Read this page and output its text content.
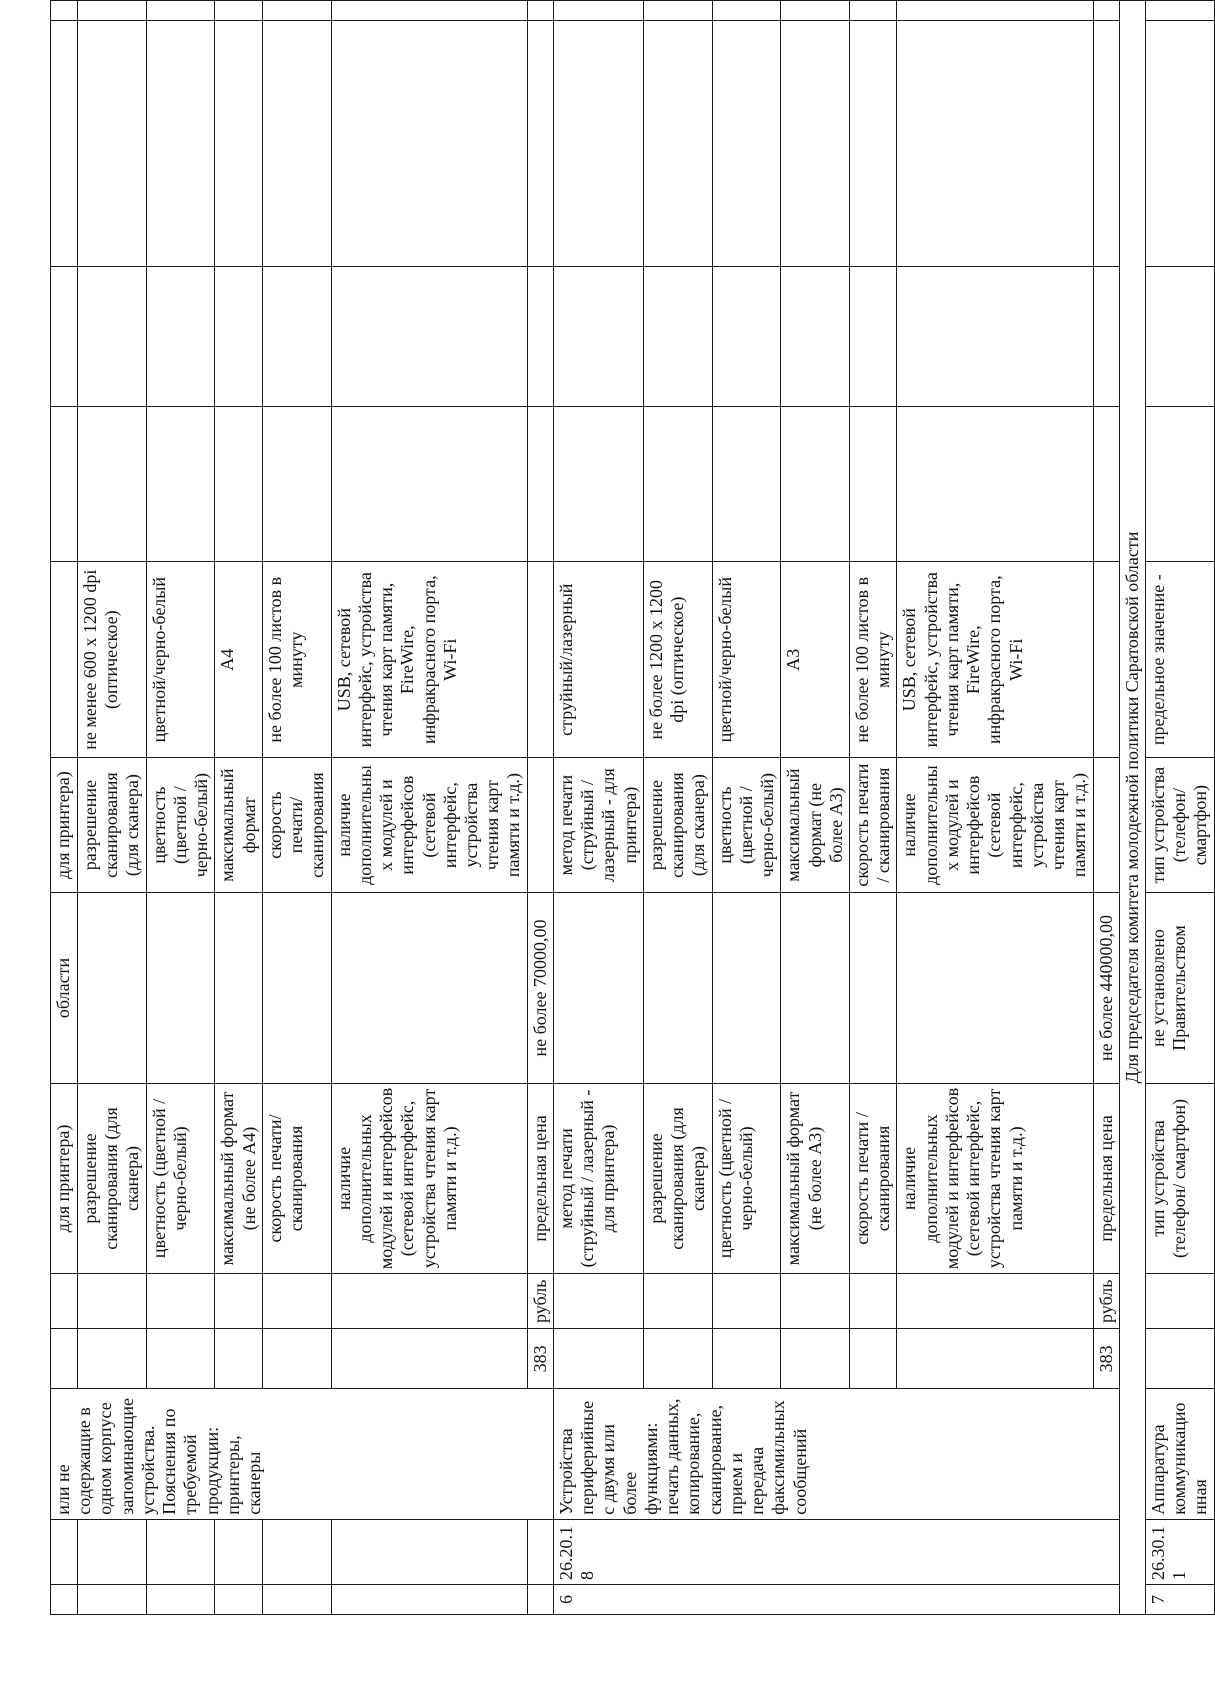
		или не содержащие в одном корпусе запоминающие устройства. Пояснения по требуемой продукции: принтеры, сканеры			для принтера)	области	для принтера)					
					разрешение сканирования (для сканера)		разрешение сканирования (для сканера)	не менее 600 x 1200 dpi (оптическое)				
					цветность (цветной / черно-белый)		цветность (цветной / черно-белый)	цветной/черно-белый				
					максимальный формат (не более А4)		максимальный формат	А4				
					скорость печати/сканирования		скорость печати/сканирования	не более 100 листов в минуту				
					наличие дополнительных модулей и интерфейсов (сетевой интерфейс, устройства чтения карт памяти и т.д.)		наличие дополнительных модулей и интерфейсов (сетевой интерфейс, устройства чтения карт памяти и т.д.)	USB, сетевой интерфейс, устройства чтения карт памяти, FireWire, инфракрасного порта, Wi-Fi				
			383	рубль	предельная цена	не более 70000,00						
6	26.20.18	Устройства периферийные с двумя или более функциями: печать данных, копирование, сканирование, прием и передача факсимильных сообщений			метод печати (струйный / лазерный - для принтера)		метод печати (струйный / лазерный - для принтера)	струйный/лазерный				
					разрешение сканирования (для сканера)		разрешение сканирования (для сканера)	не более 1200 x 1200 dpi (оптическое)				
					цветность (цветной / черно-белый)		цветность (цветной / черно-белый)	цветной/черно-белый				
					максимальный формат (не более А3)		максимальный формат (не более А3)	А3				
					скорость печати / сканирования		скорость печати / сканирования	не более 100 листов в минуту				
					наличие дополнительных модулей и интерфейсов (сетевой интерфейс, устройства чтения карт памяти и т.д.)		наличие дополнительных модулей и интерфейсов (сетевой интерфейс, устройства чтения карт памяти и т.д.)	USB, сетевой интерфейс, устройства чтения карт памяти, FireWire, инфракрасного порта, Wi-Fi				
			383	рубль	предельная цена	не более 440000,00						
Для председателя комитета молодежной политики Саратовской области												
7	26.30.11	Аппаратура коммуникационная			тип устройства (телефон/ смартфон)	не установлено Правительством	тип устройства (телефон/ смартфон)	предельное значение -				
